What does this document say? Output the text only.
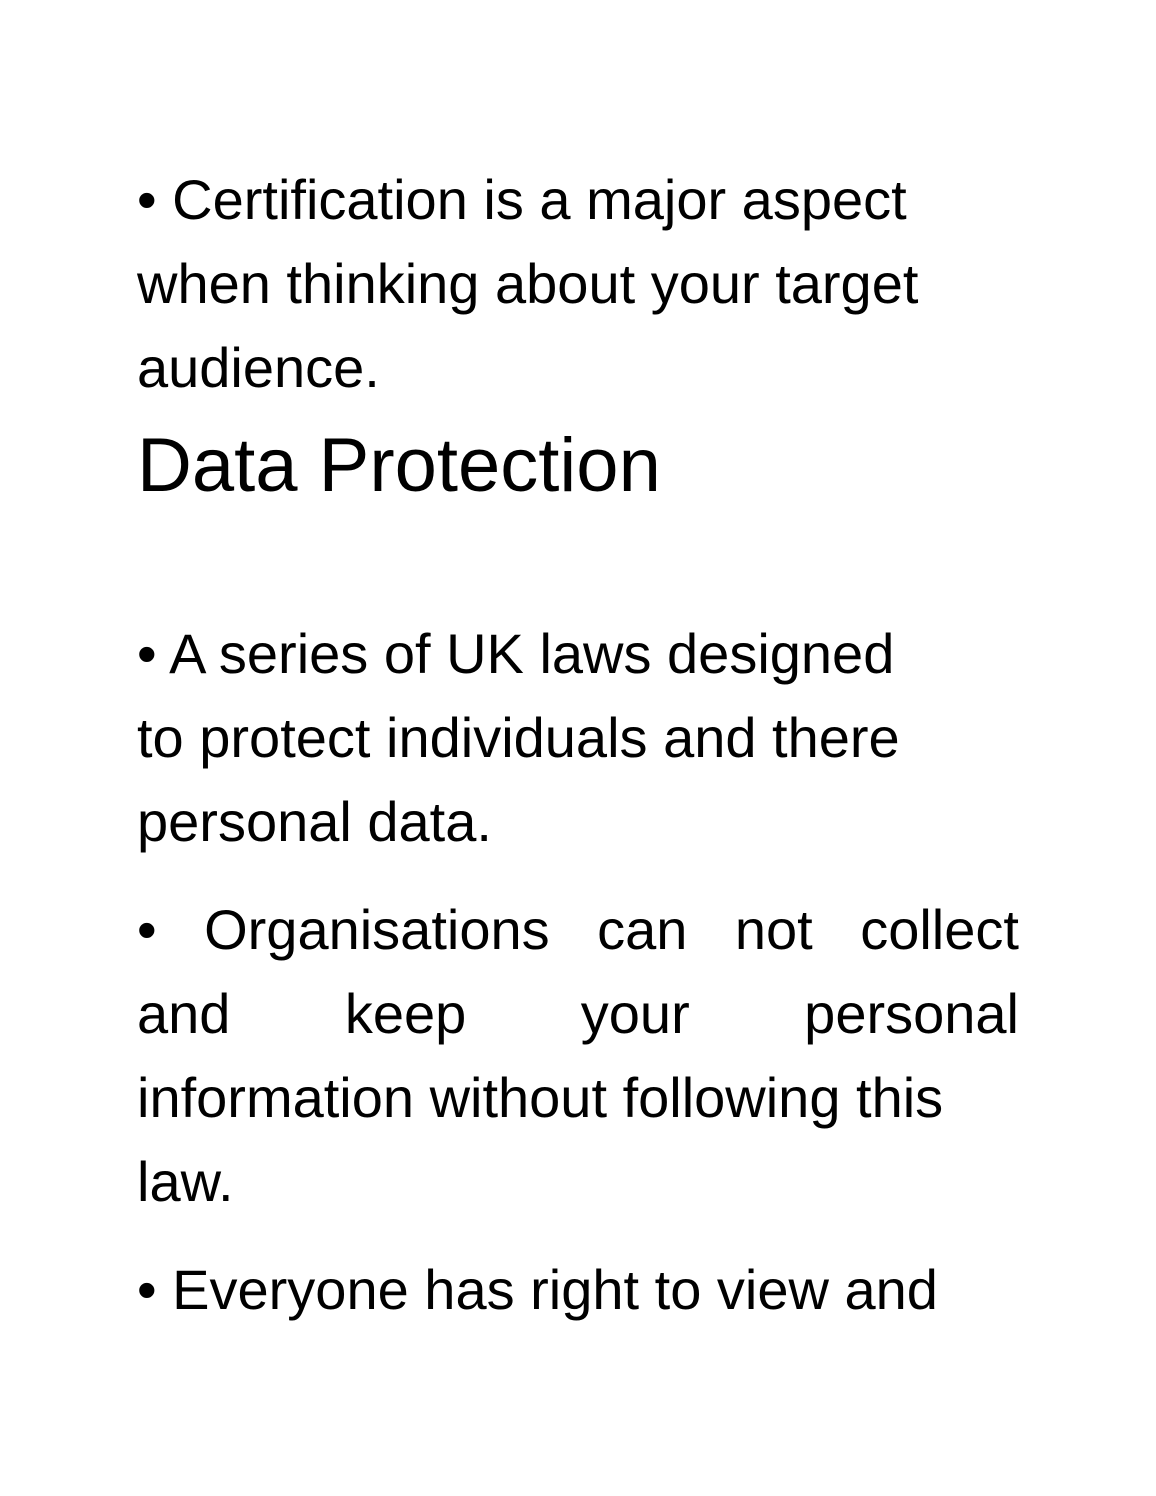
• Certification is a major aspect
when thinking about your target
audience.
Data Protection
• A series of UK laws designed
to protect individuals and there
personal data.
• Organisations can not collect
and keep your personal
information without following this
law.
• Everyone has right to view and
